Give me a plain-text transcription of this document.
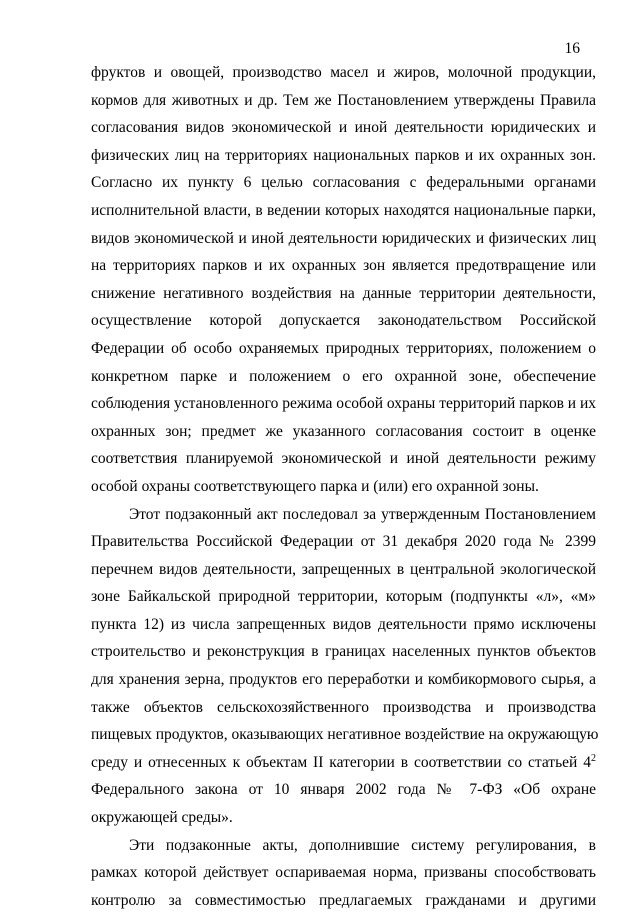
16
фруктов и овощей, производство масел и жиров, молочной продукции,
кормов для животных и др. Тем же Постановлением утверждены Правила
согласования видов экономической и иной деятельности юридических и
физических лиц на территориях национальных парков и их охранных зон.
Согласно их пункту 6 целью согласования с федеральными органами
исполнительной власти, в ведении которых находятся национальные парки,
видов экономической и иной деятельности юридических и физических лиц
на территориях парков и их охранных зон является предотвращение или
снижение негативного воздействия на данные территории деятельности,
осуществление которой допускается законодательством Российской
Федерации об особо охраняемых природных территориях, положением о
конкретном парке и положением о его охранной зоне, обеспечение
соблюдения установленного режима особой охраны территорий парков и их
охранных зон; предмет же указанного согласования состоит в оценке
соответствия планируемой экономической и иной деятельности режиму
особой охраны соответствующего парка и (или) его охранной зоны.
Этот подзаконный акт последовал за утвержденным Постановлением
Правительства Российской Федерации от 31 декабря 2020 года № 2399
перечнем видов деятельности, запрещенных в центральной экологической
зоне Байкальской природной территории, которым (подпункты «л», «м»
пункта 12) из числа запрещенных видов деятельности прямо исключены
строительство и реконструкция в границах населенных пунктов объектов
для хранения зерна, продуктов его переработки и комбикормового сырья, а
также объектов сельскохозяйственного производства и производства
пищевых продуктов, оказывающих негативное воздействие на окружающую
среду и отнесенных к объектам II категории в соответствии со статьей $4^2$
Федерального закона от 10 января 2002 года № 7-ФЗ «Об охране
окружающей среды».
Эти подзаконные акты, дополнившие систему регулирования, в
рамках которой действует оспариваемая норма, призваны способствовать
контролю за совместимостью предлагаемых гражданами и другими
